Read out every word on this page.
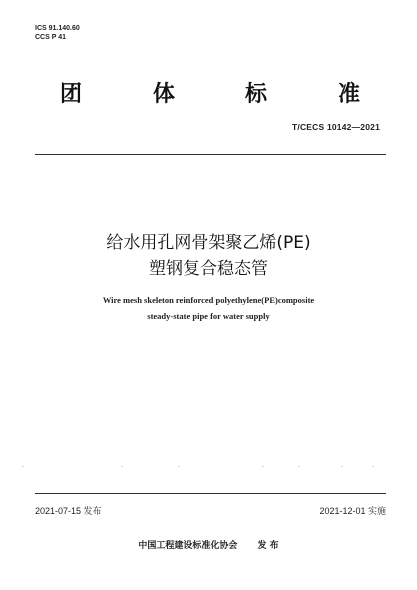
ICS 91.140.60
CCS P 41
团	体	标	准
T/CECS 10142—2021
给水用孔网骨架聚乙烯(PE)
塑钢复合稳态管
Wire mesh skeleton reinforced polyethylene(PE)composite
steady-state pipe for water supply
2021-07-15 发布	2021-12-01 实施
中国工程建设标准化协会 发 布
